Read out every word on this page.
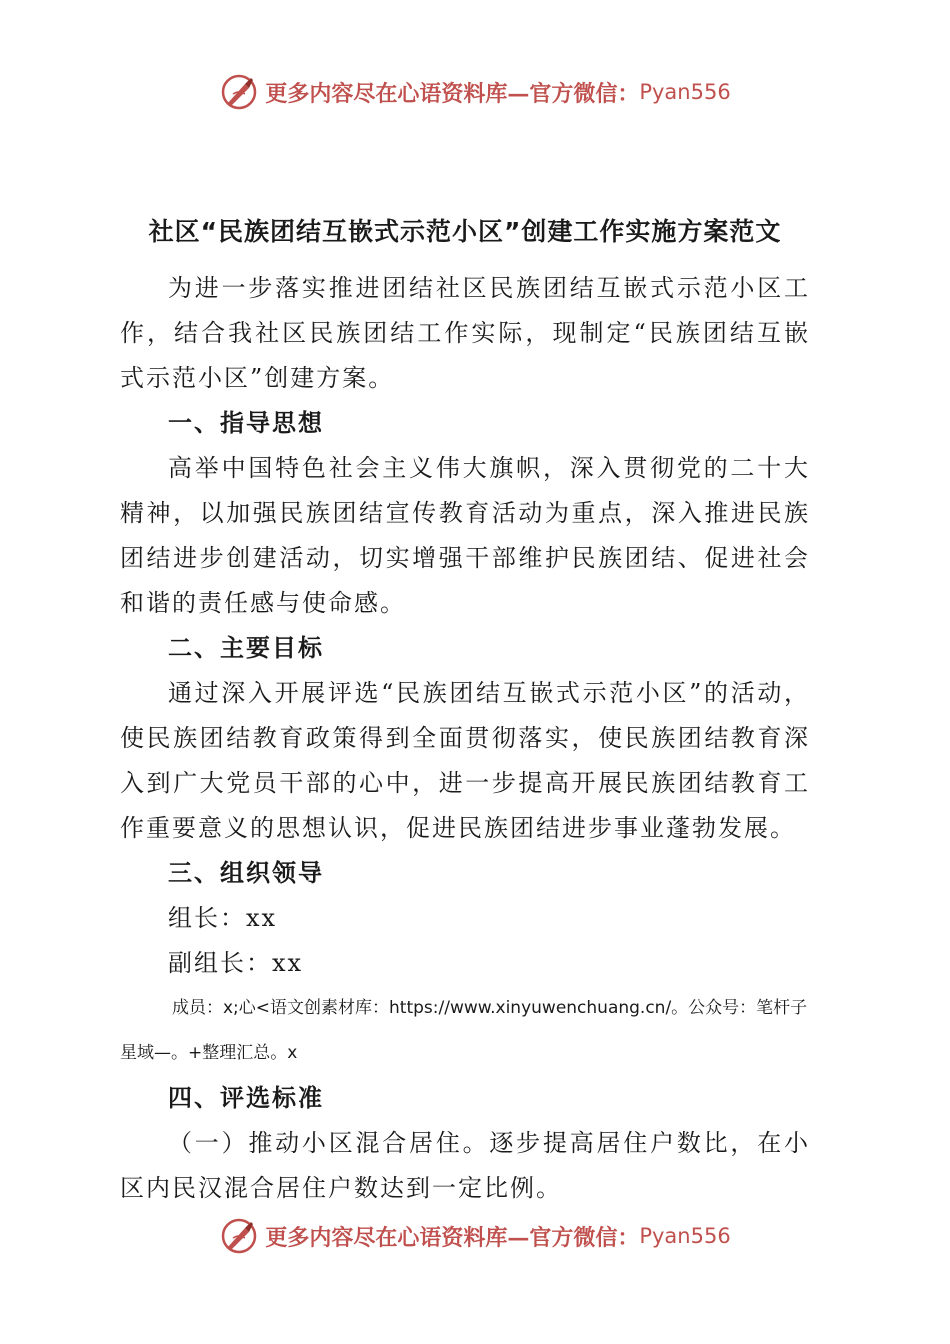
更多内容尽在心语资料库—官方微信： Pyan556

社区“民族团结互嵌式示范小区”创建工作实施方案范文

为进一步落实推进团结社区民族团结互嵌式示范小区工作，结合我社区民族团结工作实际，现制定“民族团结互嵌式示范小区”创建方案。

一、指导思想

高举中国特色社会主义伟大旗帜，深入贯彻党的二十大精神，以加强民族团结宣传教育活动为重点，深入推进民族团结进步创建活动，切实增强干部维护民族团结、促进社会和谐的责任感与使命感。

二、主要目标

通过深入开展评选“民族团结互嵌式示范小区”的活动，使民族团结教育政策得到全面贯彻落实，使民族团结教育深入到广大党员干部的心中，进一步提高开展民族团结教育工作重要意义的思想认识，促进民族团结进步事业蓬勃发展。

三、组织领导

组长：xx

副组长：xx

成员：x;心<语文创素材库：https://www.xinyuwenchuang.cn/。公众号：笔杆子星域—。+整理汇总。x

四、评选标准

（一）推动小区混合居住。逐步提高居住户数比，在小区内民汉混合居住户数达到一定比例。

更多内容尽在心语资料库—官方微信： Pyan556
